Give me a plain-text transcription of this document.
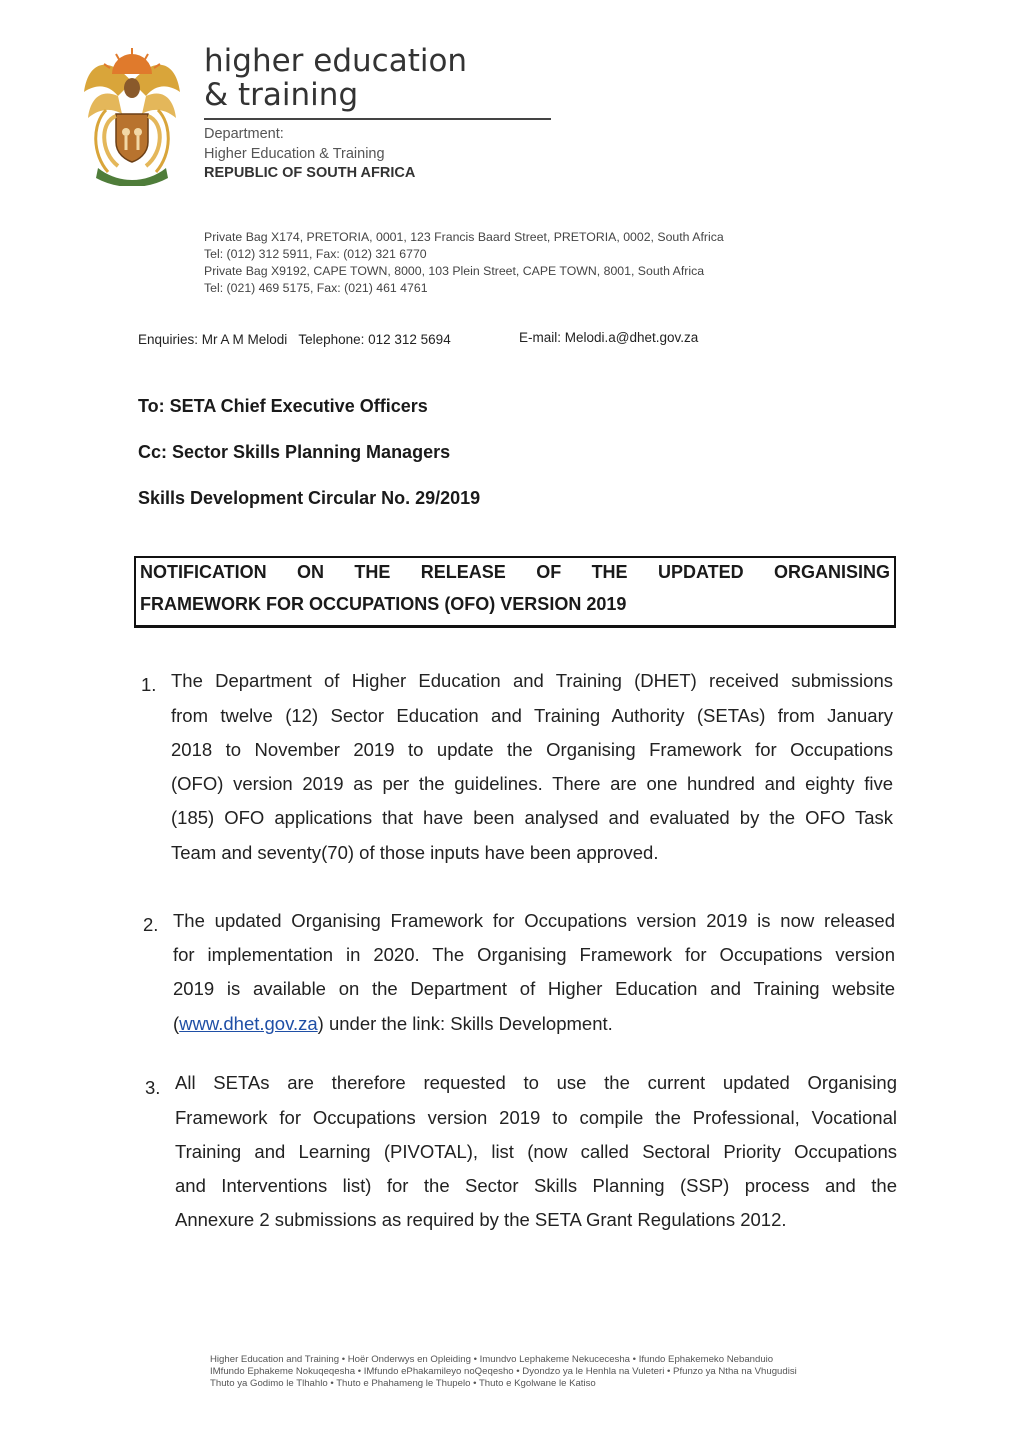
higher education
& training
Department:
Higher Education & Training
REPUBLIC OF SOUTH AFRICA
Private Bag X174, PRETORIA, 0001, 123 Francis Baard Street, PRETORIA, 0002, South Africa
Tel: (012) 312 5911, Fax: (012) 321 6770
Private Bag X9192, CAPE TOWN, 8000, 103 Plein Street, CAPE TOWN, 8001, South Africa
Tel: (021) 469 5175, Fax: (021) 461 4761
Enquiries: Mr A M Melodi   Telephone: 012 312 5694	E-mail: Melodi.a@dhet.gov.za
To: SETA Chief Executive Officers
Cc: Sector Skills Planning Managers
Skills Development Circular No. 29/2019
NOTIFICATION ON THE RELEASE OF THE UPDATED ORGANISING
FRAMEWORK FOR OCCUPATIONS (OFO) VERSION 2019
1. The Department of Higher Education and Training (DHET) received submissions
from twelve (12) Sector Education and Training Authority (SETAs) from January
2018 to November 2019 to update the Organising Framework for Occupations
(OFO) version 2019 as per the guidelines. There are one hundred and eighty five
(185) OFO applications that have been analysed and evaluated by the OFO Task
Team and seventy(70) of those inputs have been approved.
2. The updated Organising Framework for Occupations version 2019 is now released
for implementation in 2020. The Organising Framework for Occupations version
2019 is available on the Department of Higher Education and Training website
(www.dhet.gov.za) under the link: Skills Development.
3. All SETAs are therefore requested to use the current updated Organising
Framework for Occupations version 2019 to compile the Professional, Vocational
Training and Learning (PIVOTAL), list (now called Sectoral Priority Occupations
and Interventions list) for the Sector Skills Planning (SSP) process and the
Annexure 2 submissions as required by the SETA Grant Regulations 2012.
Higher Education and Training • Hoër Onderwys en Opleiding • Imundvo Lephakeme Nekucecesha • Ifundo Ephakemeko Nebanduio
IMfundo Ephakeme Nokuqeqesha • IMfundo ePhakamileyo noQeqesho • Dyondzo ya le Henhla na Vuleteri • Pfunzo ya Ntha na Vhugudisi
Thuto ya Godimo le Tlhahlo • Thuto e Phahameng le Thupelo • Thuto e Kgolwane le Katiso
